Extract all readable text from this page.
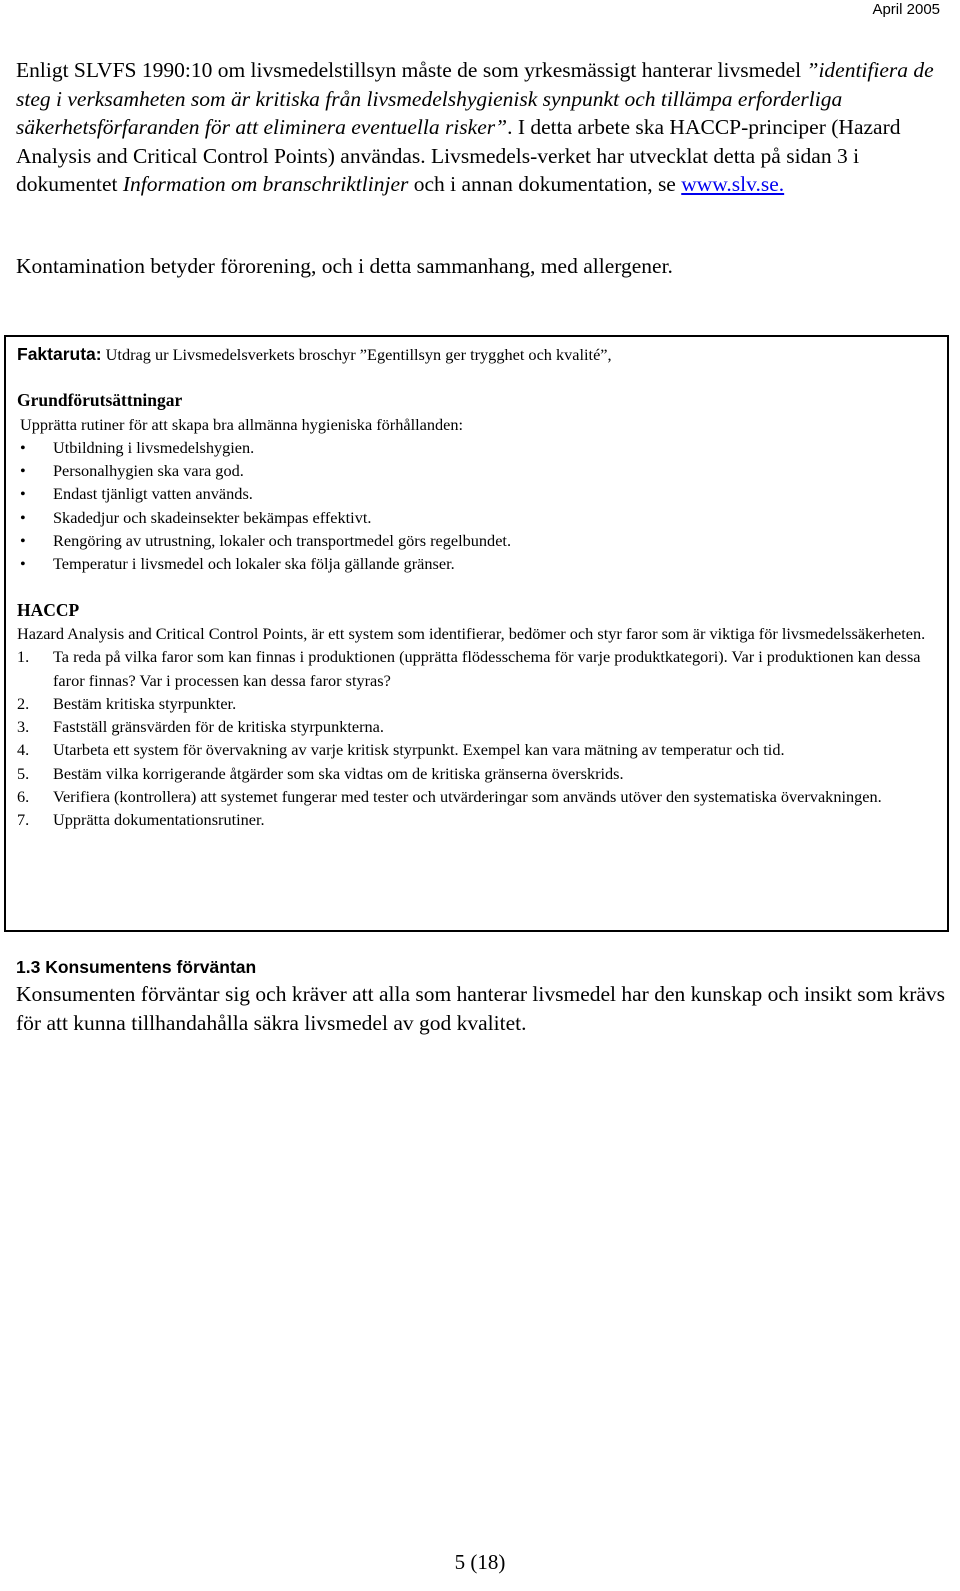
April 2005

Enligt SLVFS 1990:10 om livsmedelstillsyn måste de som yrkesmässigt hanterar livsmedel ”identifiera de steg i verksamheten som är kritiska från livsmedelshygienisk synpunkt och tillämpa erforderliga säkerhetsförfaranden för att eliminera eventuella risker”. I detta arbete ska HACCP-principer (Hazard Analysis and Critical Control Points) användas. Livsmedels-verket har utvecklat detta på sidan 3 i dokumentet Information om branschriktlinjer och i annan dokumentation, se www.slv.se.

Kontamination betyder förorening, och i detta sammanhang, med allergener.

Faktaruta: Utdrag ur Livsmedelsverkets broschyr ”Egentillsyn ger trygghet och kvalité”,

Grundförutsättningar

Upprätta rutiner för att skapa bra allmänna hygieniska förhållanden:

• Utbildning i livsmedelshygien.
• Personalhygien ska vara god.
• Endast tjänligt vatten används.
• Skadedjur och skadeinsekter bekämpas effektivt.
• Rengöring av utrustning, lokaler och transportmedel görs regelbundet.
• Temperatur i livsmedel och lokaler ska följa gällande gränser.

HACCP

Hazard Analysis and Critical Control Points, är ett system som identifierar, bedömer och styr faror som är viktiga för livsmedelssäkerheten.

1. Ta reda på vilka faror som kan finnas i produktionen (upprätta flödesschema för varje produktkategori). Var i produktionen kan dessa faror finnas? Var i processen kan dessa faror styras?
2. Bestäm kritiska styrpunkter.
3. Fastställ gränsvärden för de kritiska styrpunkterna.
4. Utarbeta ett system för övervakning av varje kritisk styrpunkt. Exempel kan vara mätning av temperatur och tid.
5. Bestäm vilka korrigerande åtgärder som ska vidtas om de kritiska gränserna överskrids.
6. Verifiera (kontrollera) att systemet fungerar med tester och utvärderingar som används utöver den systematiska övervakningen.
7. Upprätta dokumentationsrutiner.
1.3 Konsumentens förväntan

Konsumenten förväntar sig och kräver att alla som hanterar livsmedel har den kunskap och insikt som krävs för att kunna tillhandahålla säkra livsmedel av god kvalitet.

5 (18)
